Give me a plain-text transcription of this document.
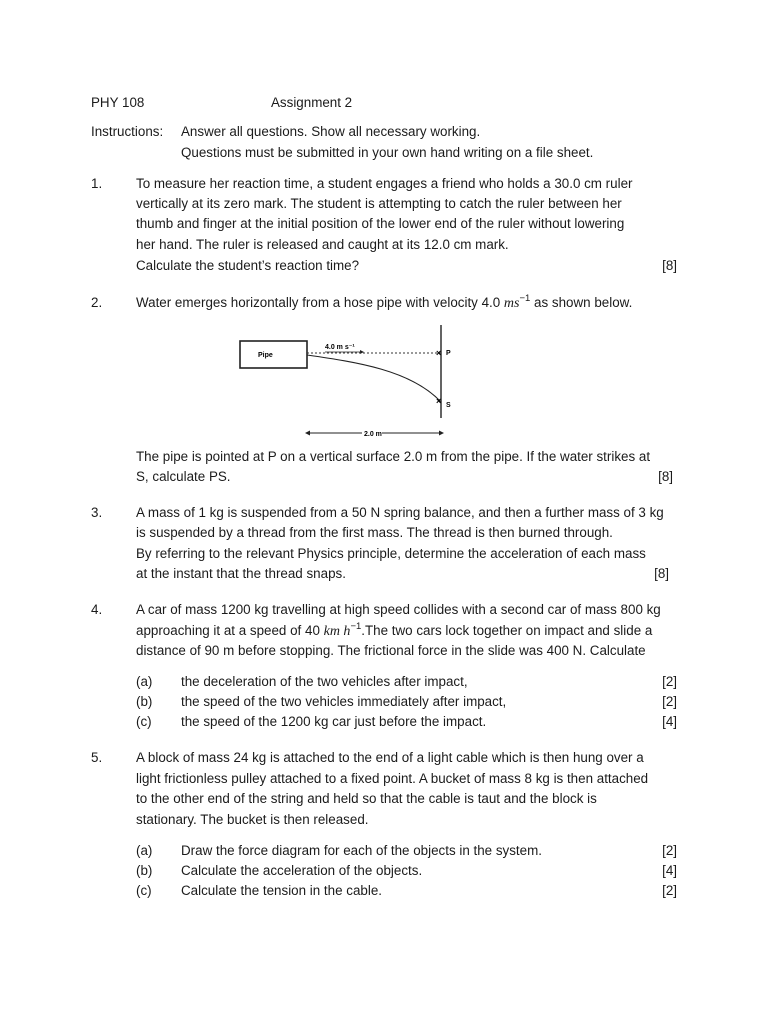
PHY 108	Assignment 2
Instructions: Answer all questions. Show all necessary working.
Questions must be submitted in your own hand writing on a file sheet.
1.	To measure her reaction time, a student engages a friend who holds a 30.0 cm ruler
vertically at its zero mark. The student is attempting to catch the ruler between her
thumb and finger at the initial position of the lower end of the ruler without lowering
her hand. The ruler is released and caught at its 12.0 cm mark.
Calculate the student’s reaction time?	[8]
2.	Water emerges horizontally from a hose pipe with velocity 4.0 $ms^{-1}$ as shown below.
Pipe
4.0 m s⁻¹
× P
× S
2.0 m
The pipe is pointed at P on a vertical surface 2.0 m from the pipe. If the water strikes at
S, calculate PS.	[8]
3.	A mass of 1 kg is suspended from a 50 N spring balance, and then a further mass of 3 kg
is suspended by a thread from the first mass. The thread is then burned through.
By referring to the relevant Physics principle, determine the acceleration of each mass
at the instant that the thread snaps.	[8]
4.	A car of mass 1200 kg travelling at high speed collides with a second car of mass 800 kg
approaching it at a speed of 40 km $h^{-1}.The$ two cars lock together on impact and slide a
distance of 90 m before stopping. The frictional force in the slide was 400 N. Calculate
(a) the deceleration of the two vehicles after impact,	[2]
(b) the speed of the two vehicles immediately after impact,	[2]
(c) the speed of the 1200 kg car just before the impact.	[4]
5.	A block of mass 24 kg is attached to the end of a light cable which is then hung over a
light frictionless pulley attached to a fixed point. A bucket of mass 8 kg is then attached
to the other end of the string and held so that the cable is taut and the block is
stationary. The bucket is then released.
(a) Draw the force diagram for each of the objects in the system.	[2]
(b) Calculate the acceleration of the objects.	[4]
(c) Calculate the tension in the cable.	[2]
